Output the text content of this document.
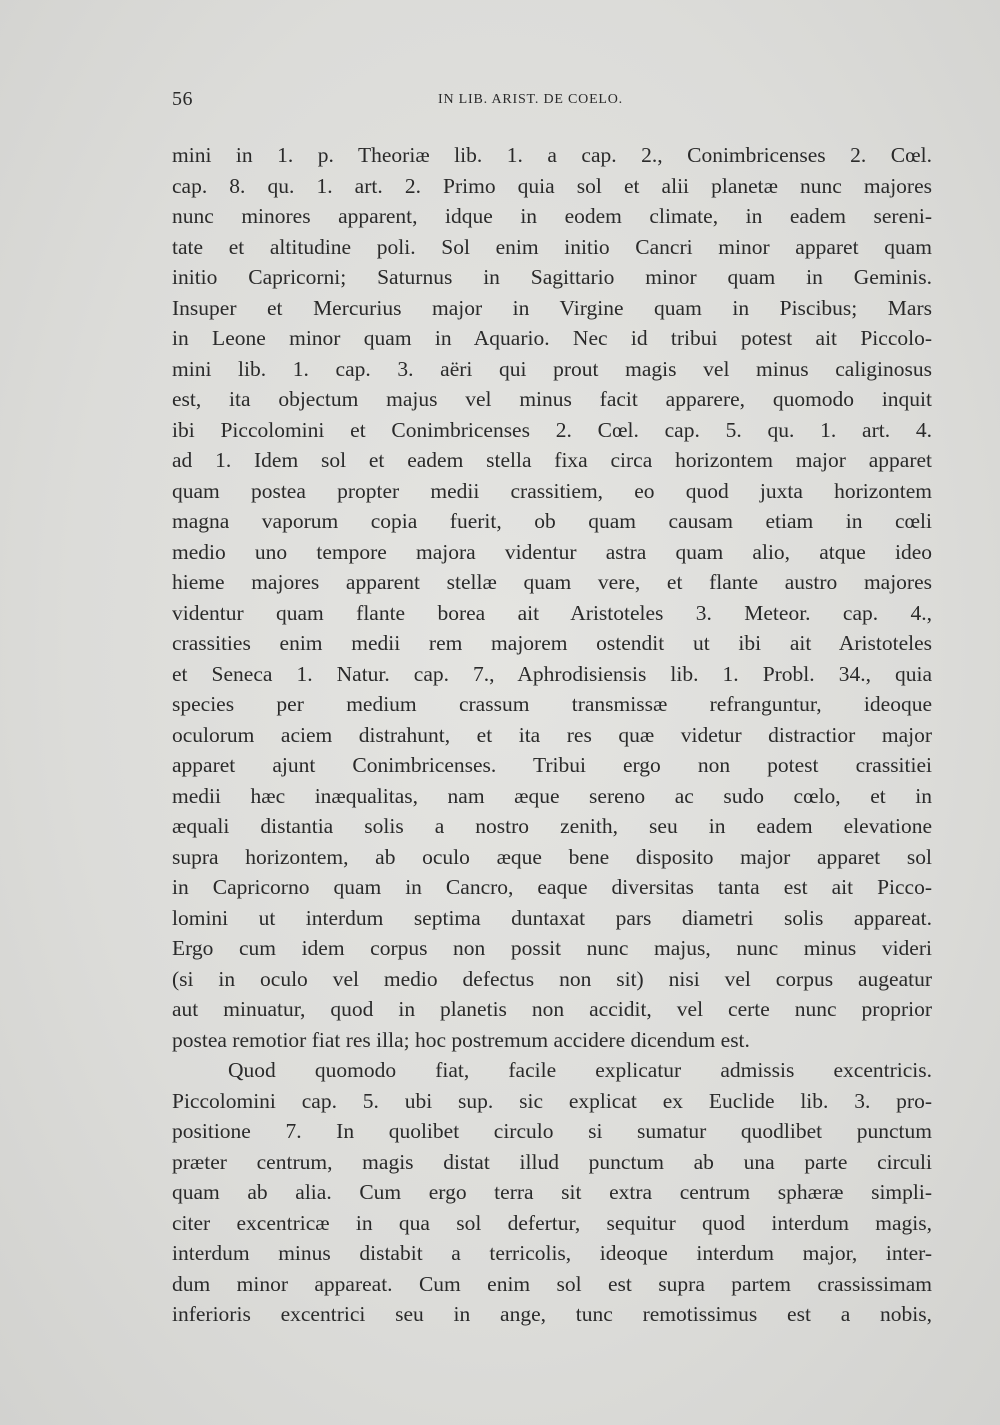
56	IN LIB. ARIST. DE COELO.
mini in 1. p. Theoriæ lib. 1. a cap. 2., Conimbricenses 2. Cœl.
cap. 8. qu. 1. art. 2. Primo quia sol et alii planetæ nunc majores
nunc minores apparent, idque in eodem climate, in eadem sereni-
tate et altitudine poli. Sol enim initio Cancri minor apparet quam
initio Capricorni; Saturnus in Sagittario minor quam in Geminis.
Insuper et Mercurius major in Virgine quam in Piscibus; Mars
in Leone minor quam in Aquario. Nec id tribui potest ait Piccolo-
mini lib. 1. cap. 3. aëri qui prout magis vel minus caliginosus
est, ita objectum majus vel minus facit apparere, quomodo inquit
ibi Piccolomini et Conimbricenses 2. Cœl. cap. 5. qu. 1. art. 4.
ad 1. Idem sol et eadem stella fixa circa horizontem major apparet
quam postea propter medii crassitiem, eo quod juxta horizontem
magna vaporum copia fuerit, ob quam causam etiam in cœli
medio uno tempore majora videntur astra quam alio, atque ideo
hieme majores apparent stellæ quam vere, et flante austro majores
videntur quam flante borea ait Aristoteles 3. Meteor. cap. 4.,
crassities enim medii rem majorem ostendit ut ibi ait Aristoteles
et Seneca 1. Natur. cap. 7., Aphrodisiensis lib. 1. Probl. 34., quia
species per medium crassum transmissæ refranguntur, ideoque
oculorum aciem distrahunt, et ita res quæ videtur distractior major
apparet ajunt Conimbricenses. Tribui ergo non potest crassitiei
medii hæc inæqualitas, nam æque sereno ac sudo cœlo, et in
æquali distantia solis a nostro zenith, seu in eadem elevatione
supra horizontem, ab oculo æque bene disposito major apparet sol
in Capricorno quam in Cancro, eaque diversitas tanta est ait Picco-
lomini ut interdum septima duntaxat pars diametri solis appareat.
Ergo cum idem corpus non possit nunc majus, nunc minus videri
(si in oculo vel medio defectus non sit) nisi vel corpus augeatur
aut minuatur, quod in planetis non accidit, vel certe nunc proprior
postea remotior fiat res illa; hoc postremum accidere dicendum est.
Quod quomodo fiat, facile explicatur admissis excentricis.
Piccolomini cap. 5. ubi sup. sic explicat ex Euclide lib. 3. pro-
positione 7. In quolibet circulo si sumatur quodlibet punctum
præter centrum, magis distat illud punctum ab una parte circuli
quam ab alia. Cum ergo terra sit extra centrum sphæræ simpli-
citer excentricæ in qua sol defertur, sequitur quod interdum magis,
interdum minus distabit a terricolis, ideoque interdum major, inter-
dum minor appareat. Cum enim sol est supra partem crassissimam
inferioris excentrici seu in ange, tunc remotissimus est a nobis,
